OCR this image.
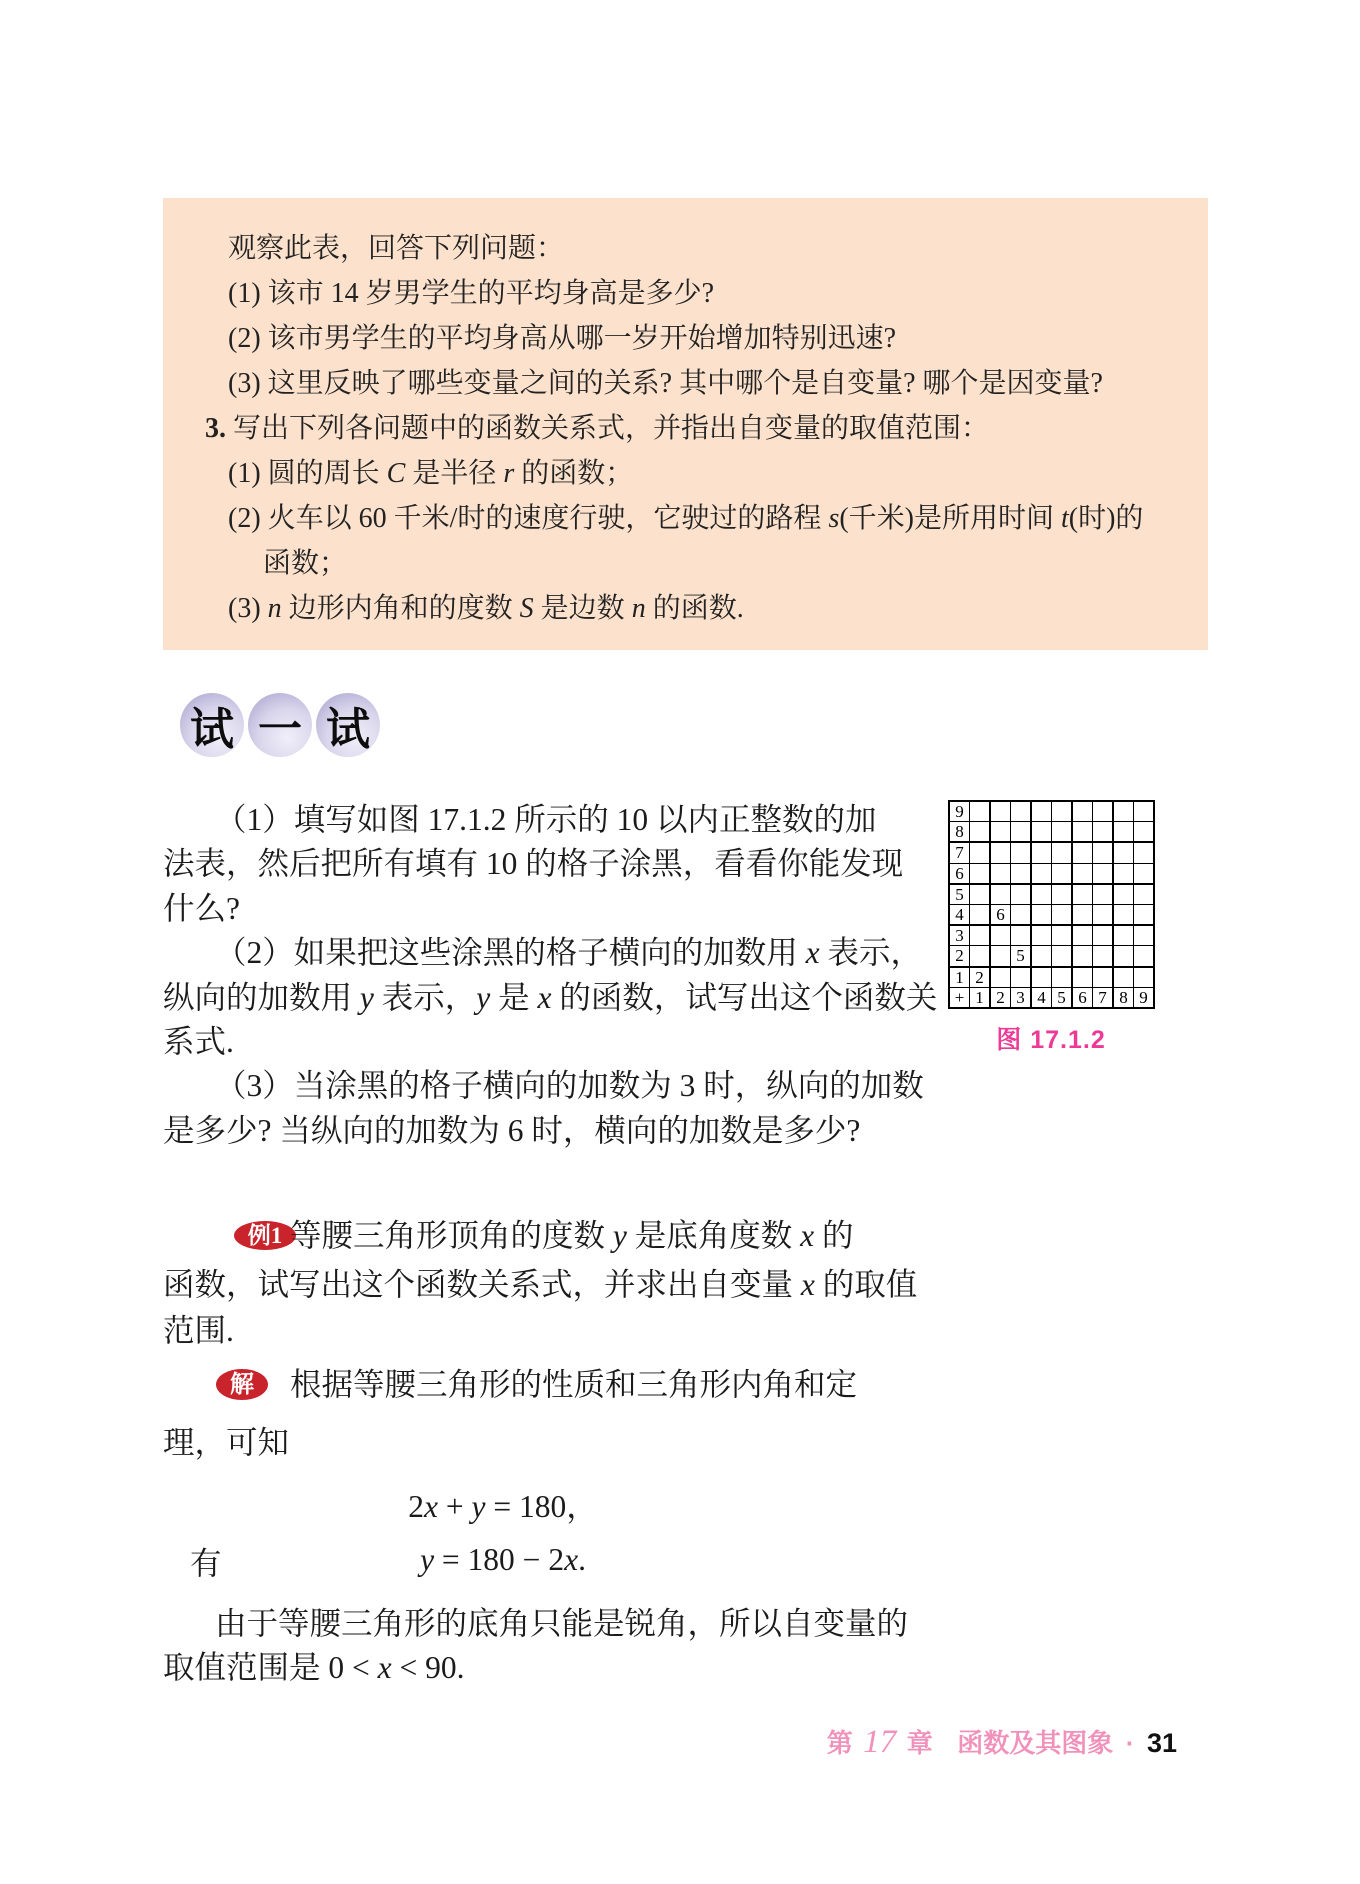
观察此表，回答下列问题：
(1) 该市 14 岁男学生的平均身高是多少?
(2) 该市男学生的平均身高从哪一岁开始增加特别迅速?
(3) 这里反映了哪些变量之间的关系? 其中哪个是自变量? 哪个是因变量?
3. 写出下列各问题中的函数关系式，并指出自变量的取值范围：
(1) 圆的周长 C 是半径 r 的函数；
(2) 火车以 60 千米/时的速度行驶，它驶过的路程 s(千米)是所用时间 t(时)的
函数；
(3) n 边形内角和的度数 S 是边数 n 的函数.
试 一 试
（1）填写如图 17.1.2 所示的 10 以内正整数的加
法表，然后把所有填有 10 的格子涂黑，看看你能发现
什么?
（2）如果把这些涂黑的格子横向的加数用 x 表示，
纵向的加数用 y 表示，y 是 x 的函数，试写出这个函数关
系式.
（3）当涂黑的格子横向的加数为 3 时，纵向的加数
是多少? 当纵向的加数为 6 时，横向的加数是多少?
9									
8									
7									
6									
5									
4		6							
3									
2			5						
1	2								
+	1	2	3	4	5	6	7	8	9
图 17.1.2
例1 等腰三角形顶角的度数 y 是底角度数 x 的
函数，试写出这个函数关系式，并求出自变量 x 的取值
范围.
解	根据等腰三角形的性质和三角形内角和定
理，可知
2x + y = 180，
有	y = 180 − 2x.
由于等腰三角形的底角只能是锐角，所以自变量的
取值范围是 0 < x < 90.
第 17 章 函数及其图象 · 31
